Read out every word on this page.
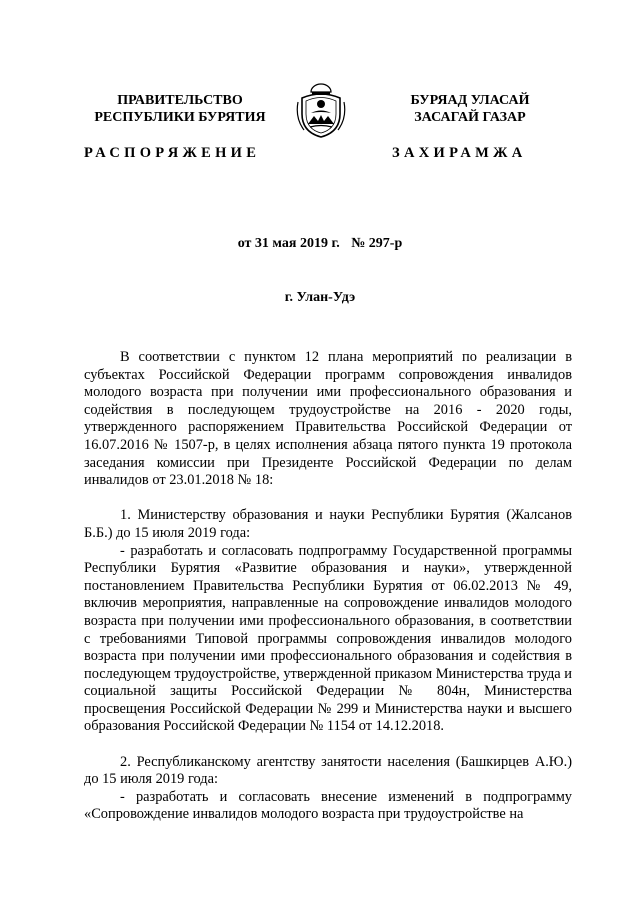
ПРАВИТЕЛЬСТВО
РЕСПУБЛИКИ БУРЯТИЯ
БУРЯАД УЛАСАЙ
ЗАСАГАЙ ГАЗАР
РАСПОРЯЖЕНИЕ	ЗАХИРАМЖА
от 31 мая 2019 г. № 297-р
г. Улан-Удэ

В соответствии с пунктом 12 плана мероприятий по реализации в субъектах Российской Федерации программ сопровождения инвалидов молодого возраста при получении ими профессионального образования и содействия в последующем трудоустройстве на 2016 - 2020 годы, утвержденного распоряжением Правительства Российской Федерации от 16.07.2016 № 1507-р, в целях исполнения абзаца пятого пункта 19 протокола заседания комиссии при Президенте Российской Федерации по делам инвалидов от 23.01.2018 № 18:

1. Министерству образования и науки Республики Бурятия (Жалсанов Б.Б.) до 15 июля 2019 года:

- разработать и согласовать подпрограмму Государственной программы Республики Бурятия «Развитие образования и науки», утвержденной постановлением Правительства Республики Бурятия от 06.02.2013 № 49, включив мероприятия, направленные на сопровождение инвалидов молодого возраста при получении ими профессионального образования, в соответствии с требованиями Типовой программы сопровождения инвалидов молодого возраста при получении ими профессионального образования и содействия в последующем трудоустройстве, утвержденной приказом Министерства труда и социальной защиты Российской Федерации № 804н, Министерства просвещения Российской Федерации № 299 и Министерства науки и высшего образования Российской Федерации № 1154 от 14.12.2018.

2. Республиканскому агентству занятости населения (Башкирцев А.Ю.) до 15 июля 2019 года:

- разработать и согласовать внесение изменений в подпрограмму «Сопровождение инвалидов молодого возраста при трудоустройстве на
